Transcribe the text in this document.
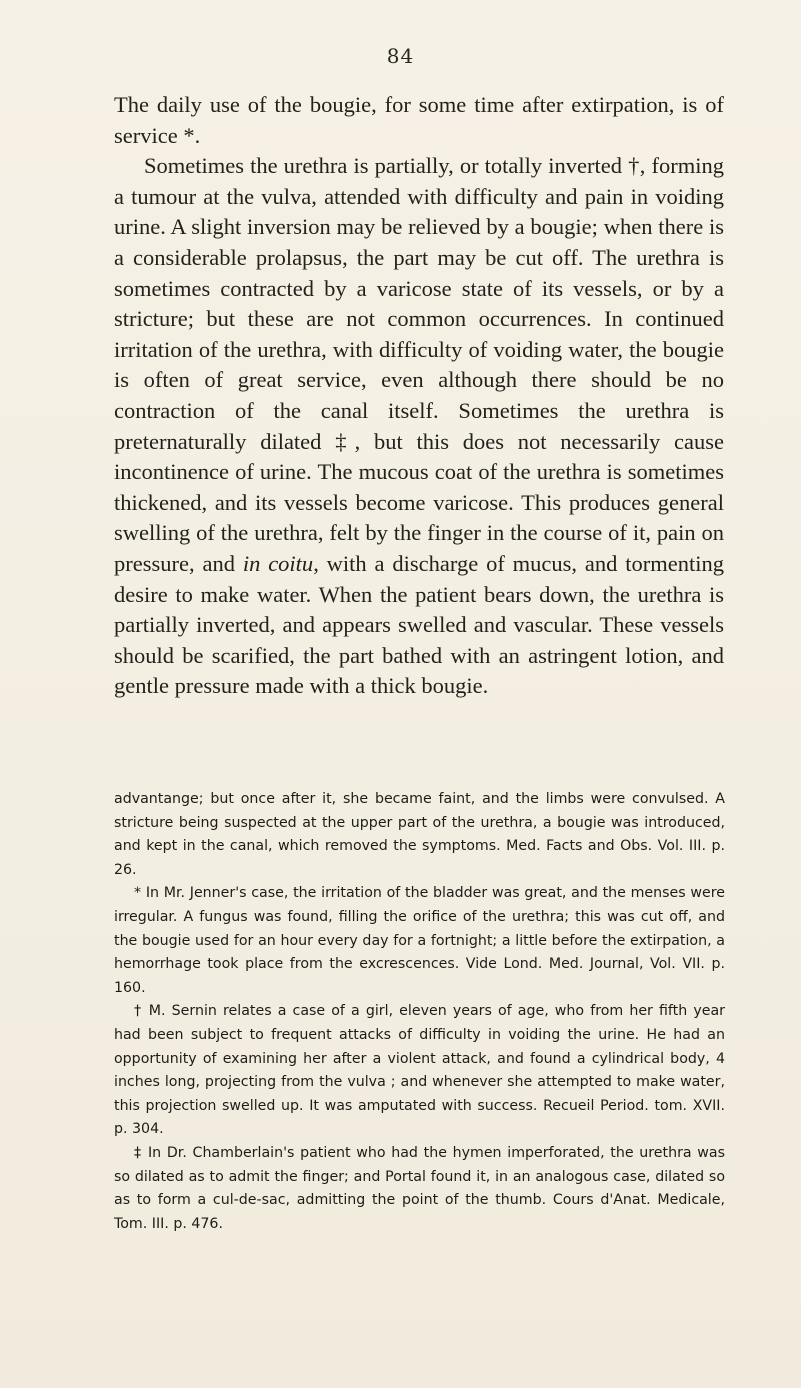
84

The daily use of the bougie, for some time after extirpation, is of service *.

Sometimes the urethra is partially, or totally inverted †, forming a tumour at the vulva, attended with difficulty and pain in voiding urine. A slight inversion may be relieved by a bougie; when there is a considerable prolapsus, the part may be cut off. The urethra is sometimes contracted by a varicose state of its vessels, or by a stricture; but these are not common occurrences. In continued irritation of the urethra, with difficulty of voiding water, the bougie is often of great service, even although there should be no contraction of the canal itself. Sometimes the urethra is preternaturally dilated ‡, but this does not necessarily cause incontinence of urine. The mucous coat of the urethra is sometimes thickened, and its vessels become varicose. This produces general swelling of the urethra, felt by the finger in the course of it, pain on pressure, and in coitu, with a discharge of mucus, and tormenting desire to make water. When the patient bears down, the urethra is partially inverted, and appears swelled and vascular. These vessels should be scarified, the part bathed with an astringent lotion, and gentle pressure made with a thick bougie.

advantange; but once after it, she became faint, and the limbs were convulsed. A stricture being suspected at the upper part of the urethra, a bougie was introduced, and kept in the canal, which removed the symptoms. Med. Facts and Obs. Vol. III. p. 26.

* In Mr. Jenner's case, the irritation of the bladder was great, and the menses were irregular. A fungus was found, filling the orifice of the urethra; this was cut off, and the bougie used for an hour every day for a fortnight; a little before the extirpation, a hemorrhage took place from the excrescences. Vide Lond. Med. Journal, Vol. VII. p. 160.

† M. Sernin relates a case of a girl, eleven years of age, who from her fifth year had been subject to frequent attacks of difficulty in voiding the urine. He had an opportunity of examining her after a violent attack, and found a cylindrical body, 4 inches long, projecting from the vulva ; and whenever she attempted to make water, this projection swelled up. It was amputated with success. Recueil Period. tom. XVII. p. 304.

‡ In Dr. Chamberlain's patient who had the hymen imperforated, the urethra was so dilated as to admit the finger; and Portal found it, in an analogous case, dilated so as to form a cul-de-sac, admitting the point of the thumb. Cours d'Anat. Medicale, Tom. III. p. 476.
